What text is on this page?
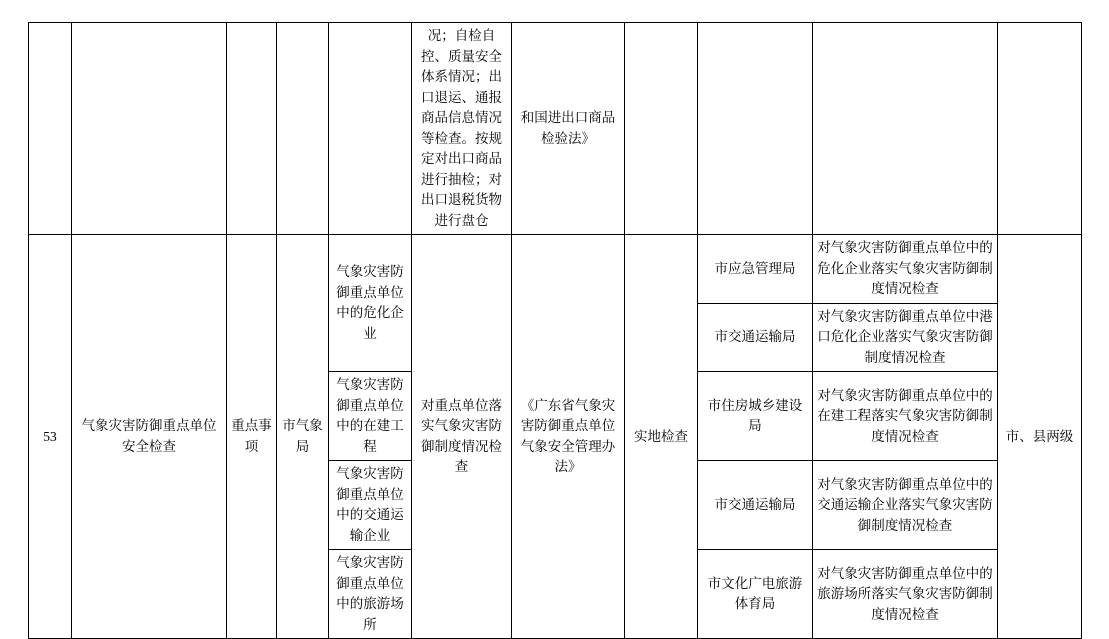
					况；自检自控、质量安全体系情况；出口退运、通报商品信息情况等检查。按规定对出口商品进行抽检；对出口退税货物进行盘仓	和国进出口商品检验法》				
53	气象灾害防御重点单位安全检查	重点事项	市气象局	气象灾害防御重点单位中的危化企业	对重点单位落实气象灾害防御制度情况检查	《广东省气象灾害防御重点单位气象安全管理办法》	实地检查	市应急管理局	对气象灾害防御重点单位中的危化企业落实气象灾害防御制度情况检查	市、县两级
								市交通运输局	对气象灾害防御重点单位中港口危化企业落实气象灾害防御制度情况检查	
				气象灾害防御重点单位中的在建工程				市住房城乡建设局	对气象灾害防御重点单位中的在建工程落实气象灾害防御制度情况检查	
				气象灾害防御重点单位中的交通运输企业				市交通运输局	对气象灾害防御重点单位中的交通运输企业落实气象灾害防御制度情况检查	
				气象灾害防御重点单位中的旅游场所				市文化广电旅游体育局	对气象灾害防御重点单位中的旅游场所落实气象灾害防御制度情况检查	
